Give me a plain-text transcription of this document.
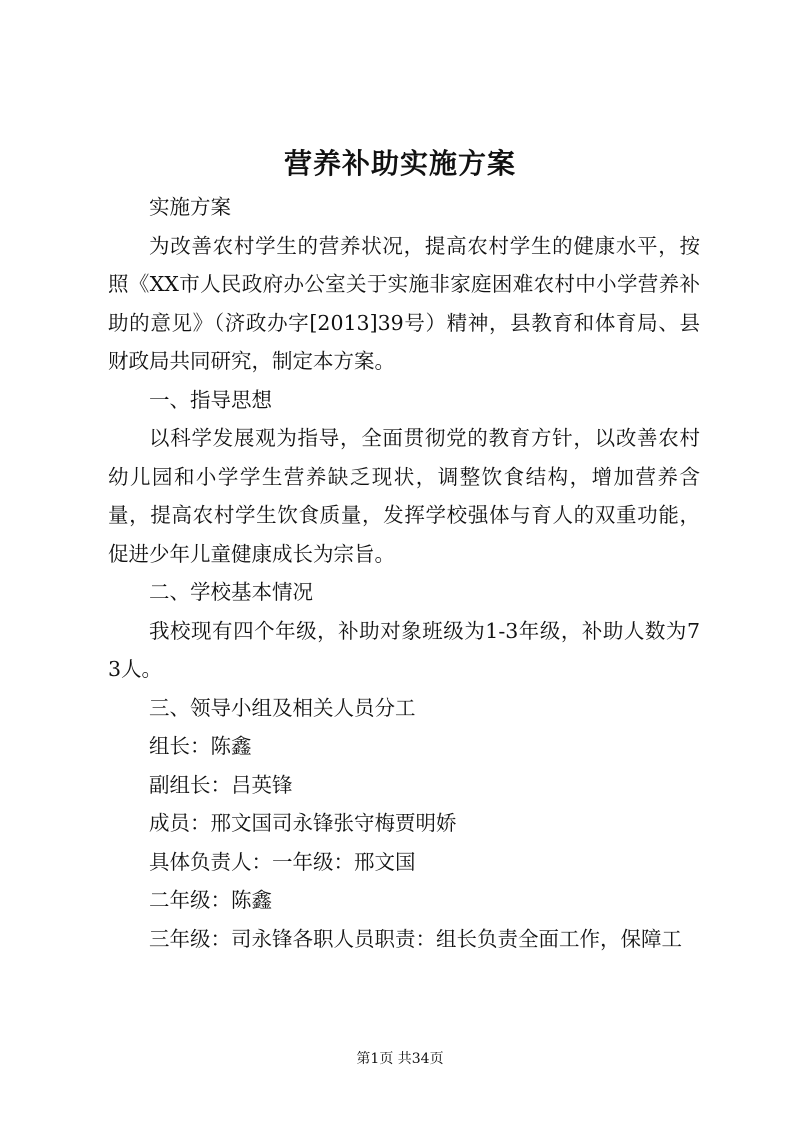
营养补助实施方案

实施方案

为改善农村学生的营养状况，提高农村学生的健康水平，按照《XX市人民政府办公室关于实施非家庭困难农村中小学营养补助的意见》（济政办字[2013]39号）精神，县教育和体育局、县财政局共同研究，制定本方案。

一、指导思想

以科学发展观为指导，全面贯彻党的教育方针，以改善农村幼儿园和小学学生营养缺乏现状，调整饮食结构，增加营养含量，提高农村学生饮食质量，发挥学校强体与育人的双重功能，促进少年儿童健康成长为宗旨。

二、学校基本情况

我校现有四个年级，补助对象班级为1-3年级，补助人数为73人。

三、领导小组及相关人员分工

组长：陈鑫

副组长：吕英锋

成员：邢文国司永锋张守梅贾明娇

具体负责人：一年级：邢文国

二年级：陈鑫

三年级：司永锋各职人员职责：组长负责全面工作，保障工

第1页 共34页
